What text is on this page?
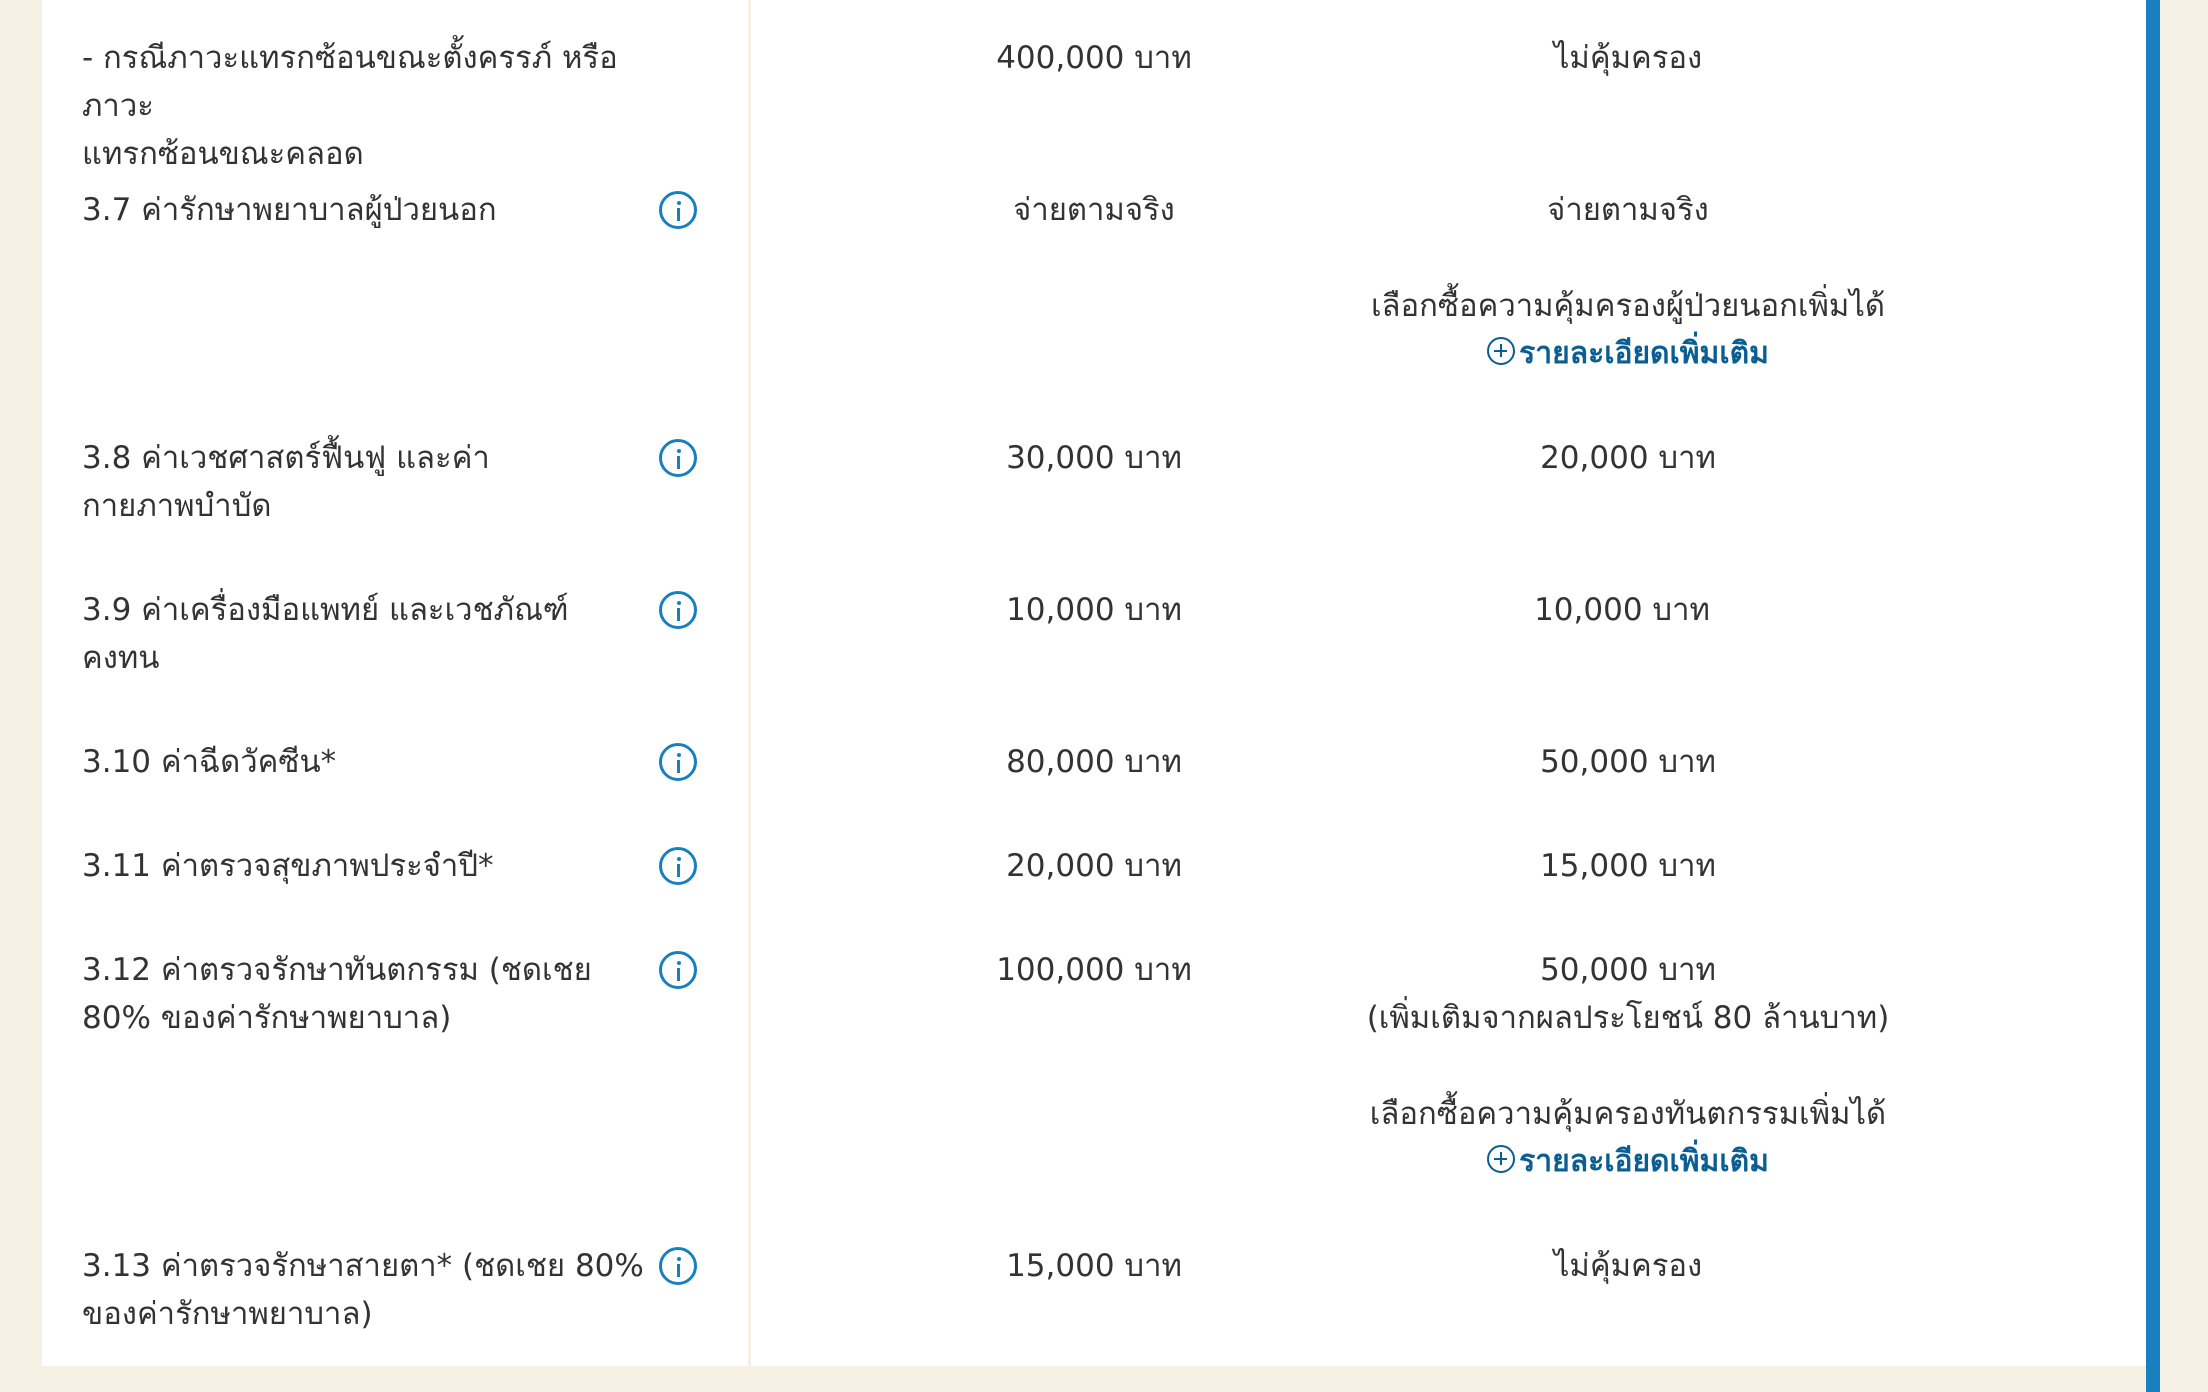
- กรณีภาวะแทรกซ้อนขณะตั้งครรภ์ หรือภาวะ
แทรกซ้อนขณะคลอด
400,000 บาท	ไม่คุ้มครอง
3.7 ค่ารักษาพยาบาลผู้ป่วยนอก	จ่ายตามจริง	จ่ายตามจริง
เลือกซื้อความคุ้มครองผู้ป่วยนอกเพิ่มได้
รายละเอียดเพิ่มเติม
3.8 ค่าเวชศาสตร์ฟื้นฟู และค่า
กายภาพบำบัด
30,000 บาท	20,000 บาท
3.9 ค่าเครื่องมือแพทย์ และเวชภัณฑ์
คงทน
10,000 บาท	10,000 บาท
3.10 ค่าฉีดวัคซีน*	80,000 บาท	50,000 บาท
3.11 ค่าตรวจสุขภาพประจำปี*	20,000 บาท	15,000 บาท
3.12 ค่าตรวจรักษาทันตกรรม (ชดเชย
80% ของค่ารักษาพยาบาล)
100,000 บาท	50,000 บาท
(เพิ่มเติมจากผลประโยชน์ 80 ล้านบาท)
เลือกซื้อความคุ้มครองทันตกรรมเพิ่มได้
รายละเอียดเพิ่มเติม
3.13 ค่าตรวจรักษาสายตา* (ชดเชย 80%
ของค่ารักษาพยาบาล)
15,000 บาท	ไม่คุ้มครอง
